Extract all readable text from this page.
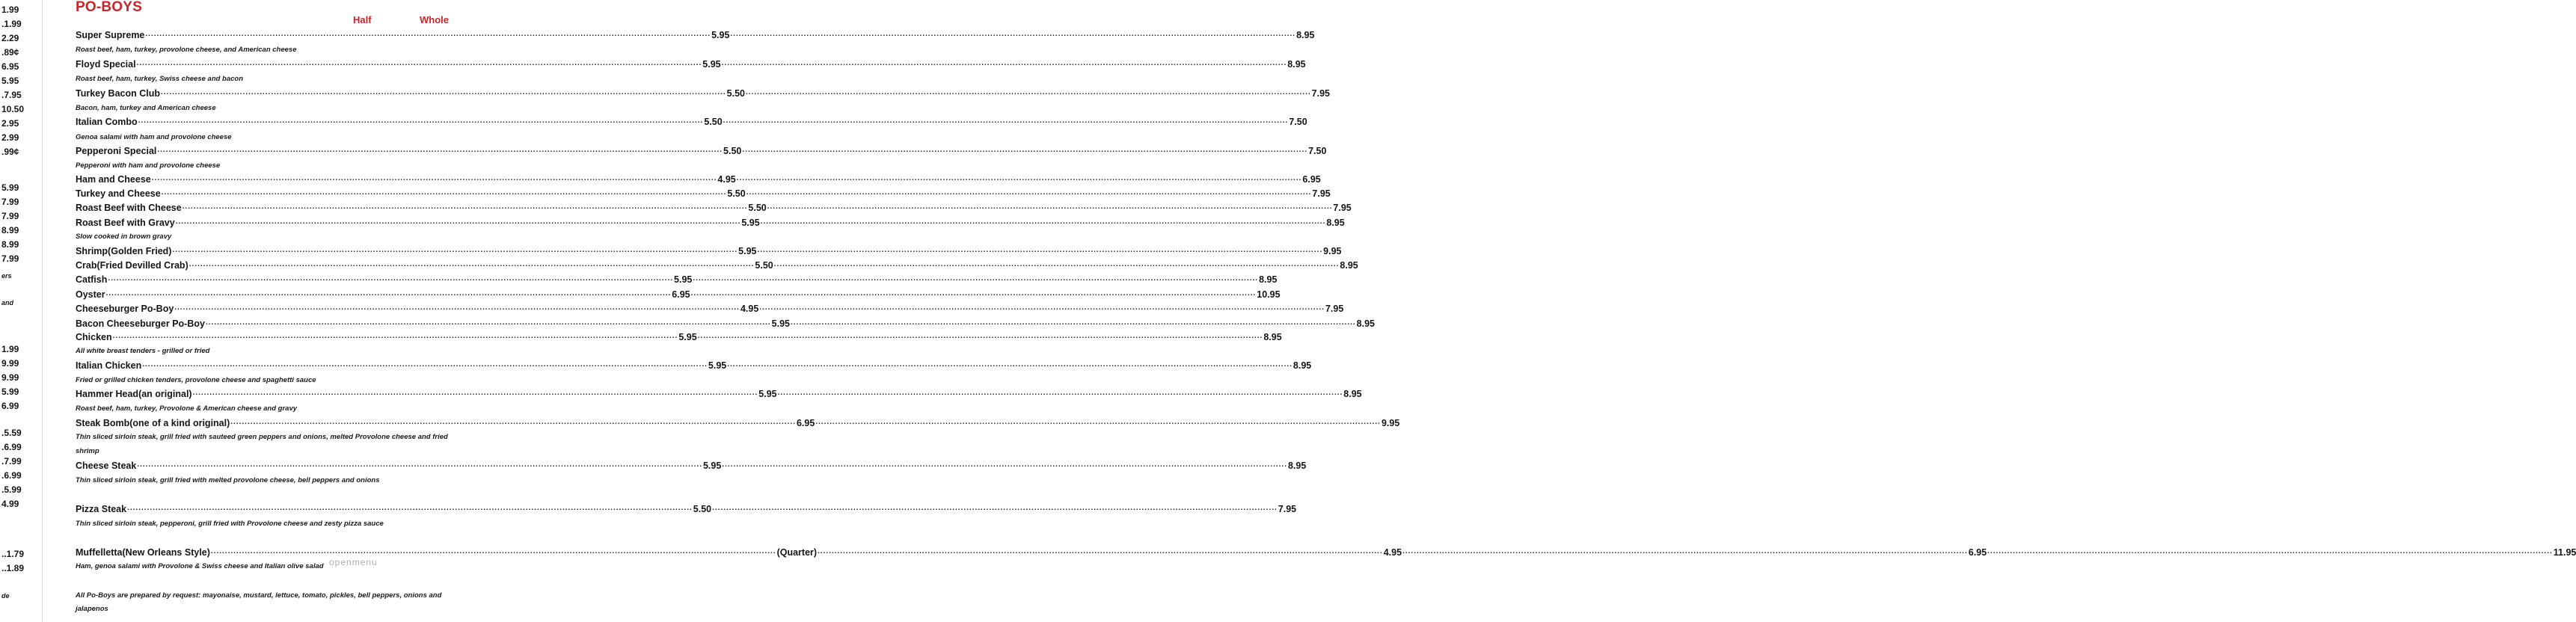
1.99
.1.99
2.29
.89¢
6.95
5.95
.7.95
10.50
2.95
2.99
.99¢
5.99
7.99
7.99
8.99
8.99
7.99
ers
and
1.99
9.99
9.99
5.99
6.99
.5.59
.6.99
.7.99
.6.99
.5.99
4.99
..1.79
..1.89
de
PO-BOYS
Half	Whole
Super Supreme ........................................................................................................................................................................................................ 5.95 ........................................................................................................................................................................................................ 8.95
Roast beef, ham, turkey, provolone cheese, and American cheese
Floyd Special ........................................................................................................................................................................................................ 5.95 ........................................................................................................................................................................................................ 8.95
Roast beef, ham, turkey, Swiss cheese and bacon
Turkey Bacon Club ........................................................................................................................................................................................................ 5.50 ........................................................................................................................................................................................................ 7.95
Bacon, ham, turkey and American cheese
Italian Combo ........................................................................................................................................................................................................ 5.50 ........................................................................................................................................................................................................ 7.50
Genoa salami with ham and provolone cheese
Pepperoni Special ........................................................................................................................................................................................................ 5.50 ........................................................................................................................................................................................................ 7.50
Pepperoni with ham and provolone cheese
Ham and Cheese ........................................................................................................................................................................................................ 4.95 ........................................................................................................................................................................................................ 6.95
Turkey and Cheese ........................................................................................................................................................................................................ 5.50 ........................................................................................................................................................................................................ 7.95
Roast Beef with Cheese ........................................................................................................................................................................................................ 5.50 ........................................................................................................................................................................................................ 7.95
Roast Beef with Gravy ........................................................................................................................................................................................................ 5.95 ........................................................................................................................................................................................................ 8.95
Slow cooked in brown gravy
Shrimp(Golden Fried) ........................................................................................................................................................................................................ 5.95 ........................................................................................................................................................................................................ 9.95
Crab(Fried Devilled Crab) ........................................................................................................................................................................................................ 5.50 ........................................................................................................................................................................................................ 8.95
Catfish ........................................................................................................................................................................................................ 5.95 ........................................................................................................................................................................................................ 8.95
Oyster ........................................................................................................................................................................................................ 6.95 ........................................................................................................................................................................................................ 10.95
Cheeseburger Po-Boy ........................................................................................................................................................................................................ 4.95 ........................................................................................................................................................................................................ 7.95
Bacon Cheeseburger Po-Boy ........................................................................................................................................................................................................ 5.95 ........................................................................................................................................................................................................ 8.95
Chicken ........................................................................................................................................................................................................ 5.95 ........................................................................................................................................................................................................ 8.95
All white breast tenders - grilled or fried
Italian Chicken ........................................................................................................................................................................................................ 5.95 ........................................................................................................................................................................................................ 8.95
Fried or grilled chicken tenders, provolone cheese and spaghetti sauce
Hammer Head(an original) ........................................................................................................................................................................................................ 5.95 ........................................................................................................................................................................................................ 8.95
Roast beef, ham, turkey, Provolone & American cheese and gravy
Steak Bomb(one of a kind original) ........................................................................................................................................................................................................ 6.95 ........................................................................................................................................................................................................ 9.95
Thin sliced sirloin steak, grill fried with sauteed green peppers and onions, melted Provolone cheese and fried shrimp
Cheese Steak ........................................................................................................................................................................................................ 5.95 ........................................................................................................................................................................................................ 8.95
Thin sliced sirloin steak, grill fried with melted provolone cheese, bell peppers and onions
Pizza Steak ........................................................................................................................................................................................................ 5.50 ........................................................................................................................................................................................................ 7.95
Thin sliced sirloin steak, pepperoni, grill fried with Provolone cheese and zesty pizza sauce
Muffelletta(New Orleans Style) ........................................................................................................................................................................................................ (Quarter) ........................................................................................................................................................................................................ 4.95 ........................................................................................................................................................................................................ 6.95 ........................................................................................................................................................................................................ 11.95
Ham, genoa salami with Provolone & Swiss cheese and Italian olive salad openmenu
All Po-Boys are prepared by request: mayonaise, mustard, lettuce, tomato, pickles, bell peppers, onions and jalapenos
